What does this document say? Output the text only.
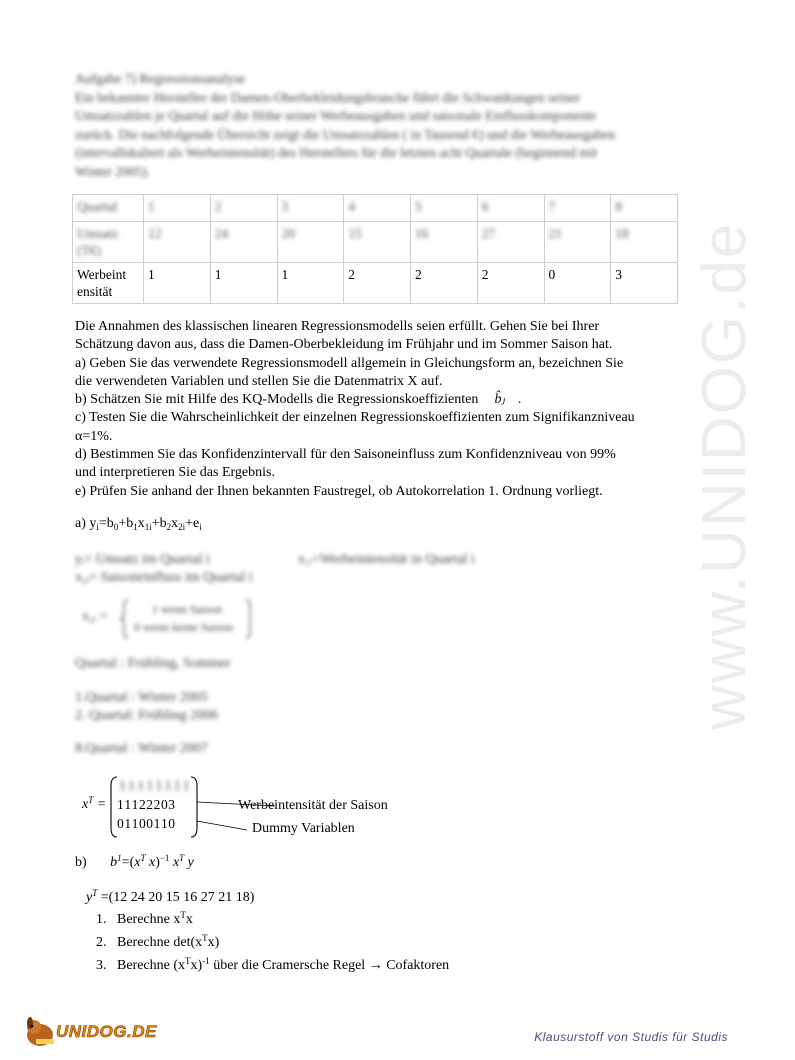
Aufgabe 7) Regressionsanalyse

Ein bekannter Hersteller der Damen-Oberbekleidungsbranche führt die Schwankungen seiner

Umsatzzahlen je Quartal auf die Höhe seiner Werbeausgaben und saisonale Einflusskomponente

zurück. Die nachfolgende Übersicht zeigt die Umsatzzahlen ( in Tausend €) und die Werbeausgaben

(intervallskaliert als Werbeintensität) des Herstellers für die letzten acht Quartale (beginnend mit

Winter 2005).

Quartal	1	2	3	4	5	6	7	8
Umsatz (T€)	12	24	20	15	16	27	21	18
Werbeint ensität	1	1	1	2	2	2	0	3

Die Annahmen des klassischen linearen Regressionsmodells seien erfüllt. Gehen Sie bei Ihrer

Schätzung davon aus, dass die Damen-Oberbekleidung im Frühjahr und im Sommer Saison hat.

a) Geben Sie das verwendete Regressionsmodell allgemein in Gleichungsform an, bezeichnen Sie

die verwendeten Variablen und stellen Sie die Datenmatrix X auf.

b) Schätzen Sie mit Hilfe des KQ-Modells die Regressionskoeffizienten b̂ⱼ .

c) Testen Sie die Wahrscheinlichkeit der einzelnen Regressionskoeffizienten zum Signifikanzniveau

α=1%.

d) Bestimmen Sie das Konfidenzintervall für den Saisoneinfluss zum Konfidenzniveau von 99%

und interpretieren Sie das Ergebnis.

e) Prüfen Sie anhand der Ihnen bekannten Faustregel, ob Autokorrelation 1. Ordnung vorliegt.

a) $y_i=b_0+b_1x_{1i}+b_2x_{2i}+e_i$
yᵢ= Umsatz im Quartal i	x₁ᵢ=Werbeintensität in Quartal i
x₂ᵢ= Saisoneinfluss im Quartal i
x₂ᵢ =	1 wenn Saison
0 wenn keine Saison
Quartal : Frühling, Sommer
1.Quartal : Winter 2005
2. Quartal: Frühling 2006
8.Quartal : Winter 2007
$x^T$ =
1 1 1 1 1 1 1 1
1 1 1 2 2 2 0 3
0 1 1 0 0 1 1 0
Werbeintensität der Saison
Dummy Variablen
b) $b^1=(x^T$ x)$^{-1}$ $x^T$ y
$y^T =(12$ 24 20 15 16 27 21 18)
1. Berechne $x^Tx$
2. Berechne $\det(x^Tx)$
3. Berechne $(x^Tx)^{-1}$ über die Cramersche Regel → Cofaktoren
www.UNIDOG.de
UNIDOG.DE	Klausurstoff von Studis für Studis
